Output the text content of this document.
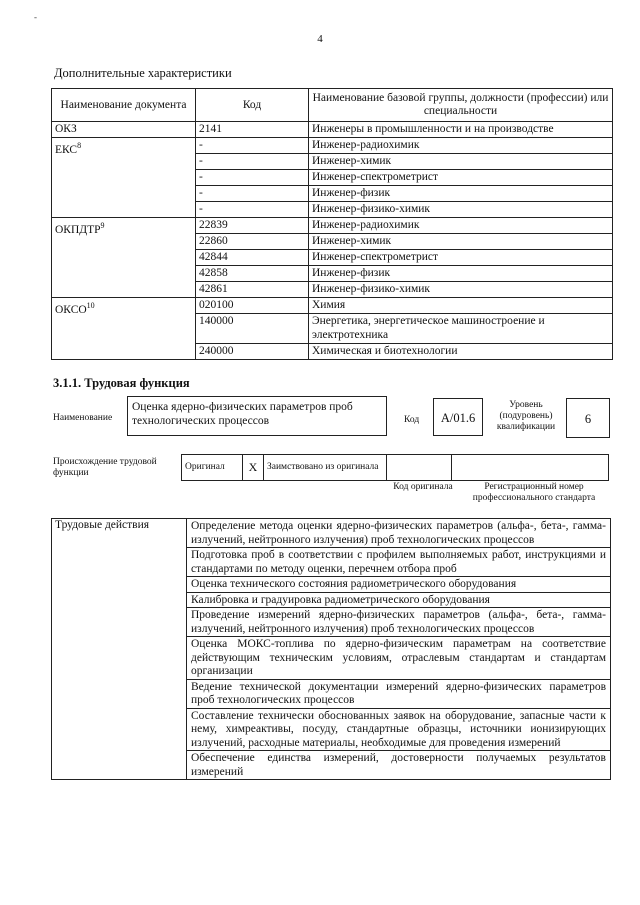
-
4
Дополнительные характеристики
Наименование документа	Код	Наименование базовой группы, должности (профессии) или специальности
ОКЗ	2141	Инженеры в промышленности и на производстве
ЕКС$^8$	-	Инженер-радиохимик
	-	Инженер-химик
	-	Инженер-спектрометрист
	-	Инженер-физик
	-	Инженер-физико-химик
ОКПДТР$^9$	22839	Инженер-радиохимик
	22860	Инженер-химик
	42844	Инженер-спектрометрист
	42858	Инженер-физик
	42861	Инженер-физико-химик
ОКСО$^{10}$	020100	Химия
	140000	Энергетика, энергетическое машиностроение и электротехника
	240000	Химическая и биотехнологии
3.1.1. Трудовая функция
Наименование
Оценка ядерно-физических параметров проб технологических процессов	Код	А/01.6
Уровень (подуровень) квалификации
6
Происхождение трудовой функции
Оригинал	X	Заимствовано из оригинала		
Код оригинала	Регистрационный номер профессионального стандарта
Трудовые действия	Определение метода оценки ядерно-физических параметров (альфа-, бета-, гамма-излучений, нейтронного излучения) проб технологических процессов
Подготовка проб в соответствии с профилем выполняемых работ, инструкциями и стандартами по методу оценки, перечнем отбора проб
Оценка технического состояния радиометрического оборудования
Калибровка и градуировка радиометрического оборудования
Проведение измерений ядерно-физических параметров (альфа-, бета-, гамма-излучений, нейтронного излучения) проб технологических процессов
Оценка МОКС-топлива по ядерно-физическим параметрам на соответствие действующим техническим условиям, отраслевым стандартам и стандартам организации
Ведение технической документации измерений ядерно-физических параметров проб технологических процессов
Составление технически обоснованных заявок на оборудование, запасные части к нему, химреактивы, посуду, стандартные образцы, источники ионизирующих излучений, расходные материалы, необходимые для проведения измерений
Обеспечение единства измерений, достоверности получаемых результатов измерений
